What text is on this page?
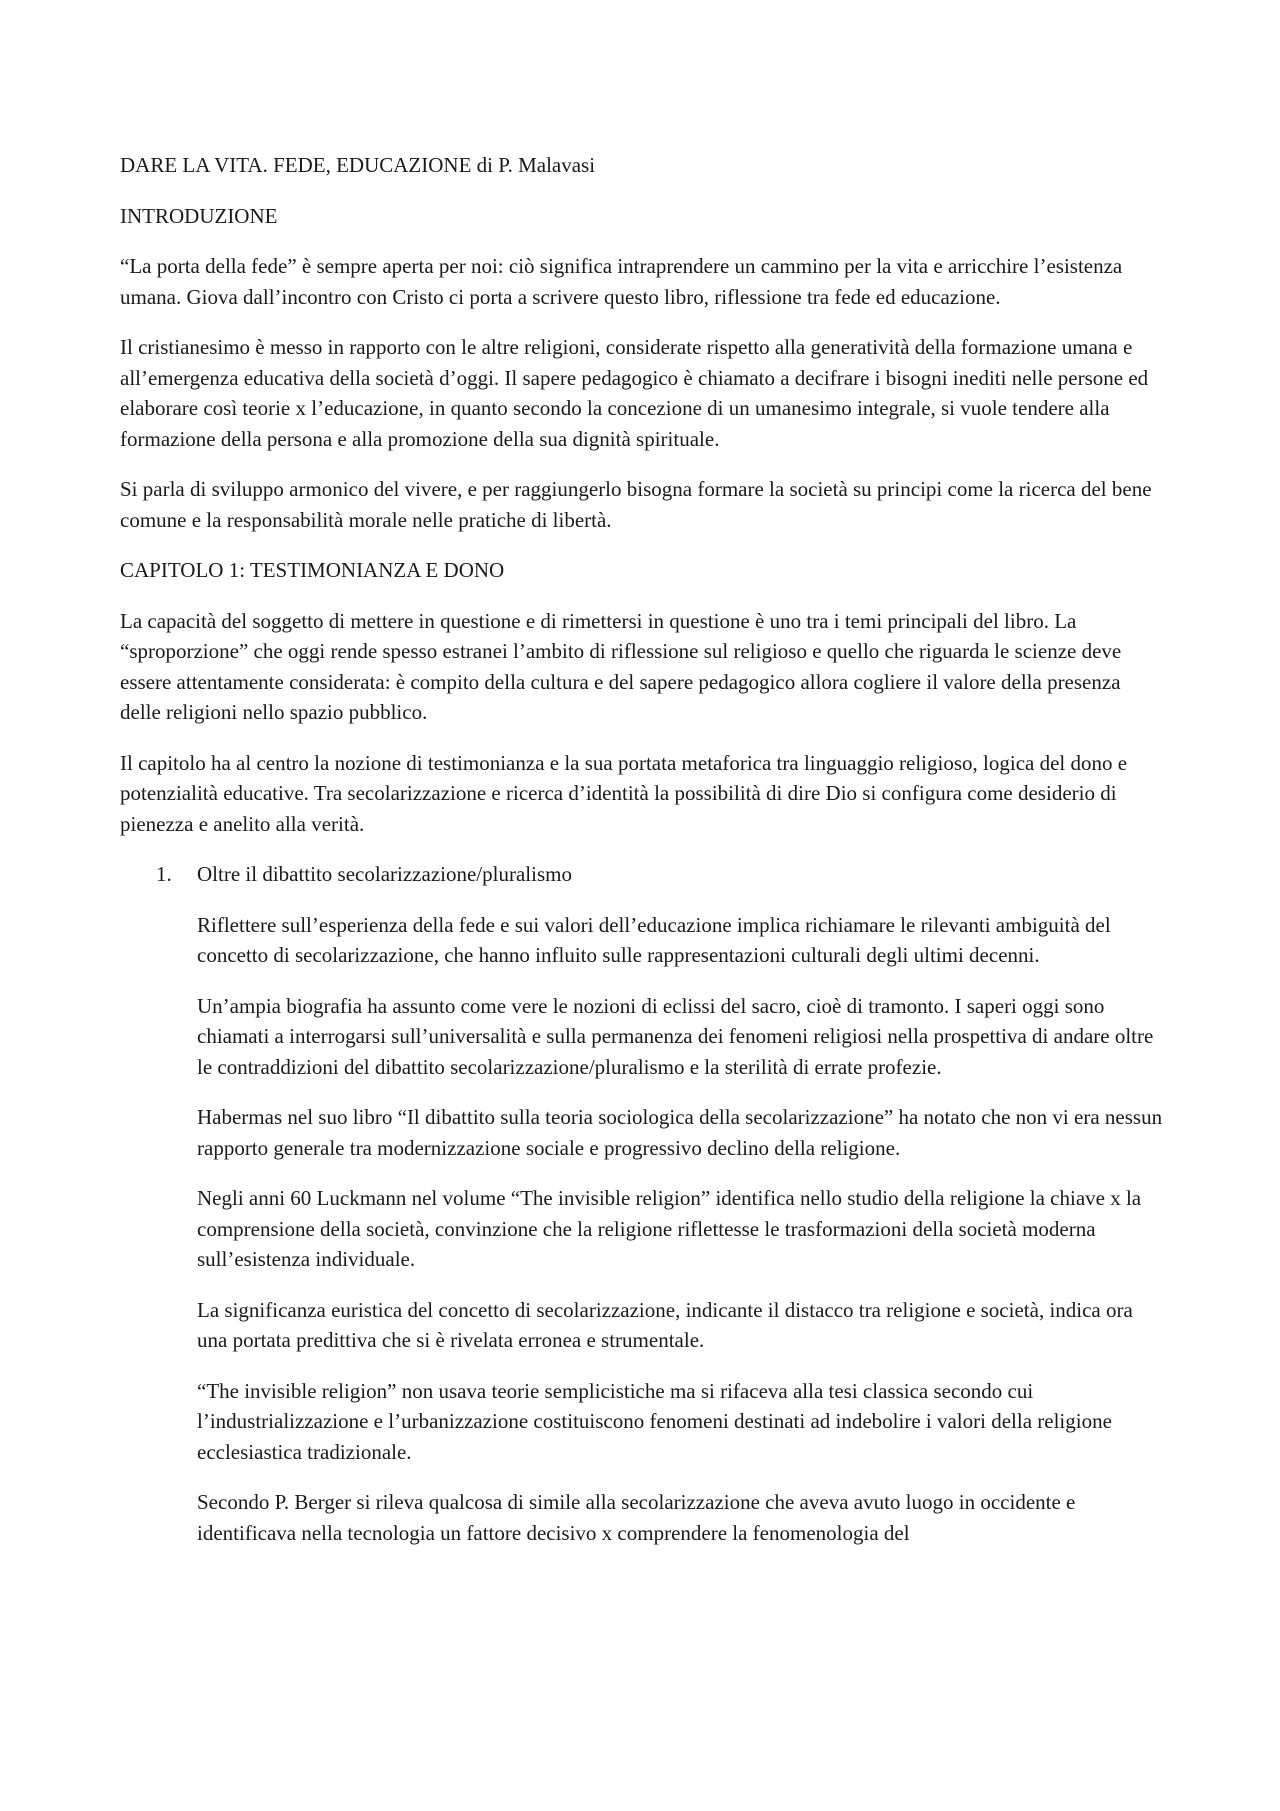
DARE LA VITA. FEDE, EDUCAZIONE di P. Malavasi

INTRODUZIONE

“La porta della fede” è sempre aperta per noi: ciò significa intraprendere un cammino per la vita e arricchire l’esistenza umana. Giova dall’incontro con Cristo ci porta a scrivere questo libro, riflessione tra fede ed educazione.

Il cristianesimo è messo in rapporto con le altre religioni, considerate rispetto alla generatività della formazione umana e all’emergenza educativa della società d’oggi. Il sapere pedagogico è chiamato a decifrare i bisogni inediti nelle persone ed elaborare così teorie x l’educazione, in quanto secondo la concezione di un umanesimo integrale, si vuole tendere alla formazione della persona e alla promozione della sua dignità spirituale.

Si parla di sviluppo armonico del vivere, e per raggiungerlo bisogna formare la società su principi come la ricerca del bene comune e la responsabilità morale nelle pratiche di libertà.

CAPITOLO 1: TESTIMONIANZA E DONO

La capacità del soggetto di mettere in questione e di rimettersi in questione è uno tra i temi principali del libro. La “sproporzione” che oggi rende spesso estranei l’ambito di riflessione sul religioso e quello che riguarda le scienze deve essere attentamente considerata: è compito della cultura e del sapere pedagogico allora cogliere il valore della presenza delle religioni nello spazio pubblico.

Il capitolo ha al centro la nozione di testimonianza e la sua portata metaforica tra linguaggio religioso, logica del dono e potenzialità educative. Tra secolarizzazione e ricerca d’identità la possibilità di dire Dio si configura come desiderio di pienezza e anelito alla verità.

1. Oltre il dibattito secolarizzazione/pluralismo

Riflettere sull’esperienza della fede e sui valori dell’educazione implica richiamare le rilevanti ambiguità del concetto di secolarizzazione, che hanno influito sulle rappresentazioni culturali degli ultimi decenni.

Un’ampia biografia ha assunto come vere le nozioni di eclissi del sacro, cioè di tramonto. I saperi oggi sono chiamati a interrogarsi sull’universalità e sulla permanenza dei fenomeni religiosi nella prospettiva di andare oltre le contraddizioni del dibattito secolarizzazione/pluralismo e la sterilità di errate profezie.

Habermas nel suo libro “Il dibattito sulla teoria sociologica della secolarizzazione” ha notato che non vi era nessun rapporto generale tra modernizzazione sociale e progressivo declino della religione.

Negli anni 60 Luckmann nel volume “The invisible religion” identifica nello studio della religione la chiave x la comprensione della società, convinzione che la religione riflettesse le trasformazioni della società moderna sull’esistenza individuale.

La significanza euristica del concetto di secolarizzazione, indicante il distacco tra religione e società, indica ora una portata predittiva che si è rivelata erronea e strumentale.

“The invisible religion” non usava teorie semplicistiche ma si rifaceva alla tesi classica secondo cui l’industrializzazione e l’urbanizzazione costituiscono fenomeni destinati ad indebolire i valori della religione ecclesiastica tradizionale.

Secondo P. Berger si rileva qualcosa di simile alla secolarizzazione che aveva avuto luogo in occidente e identificava nella tecnologia un fattore decisivo x comprendere la fenomenologia del
